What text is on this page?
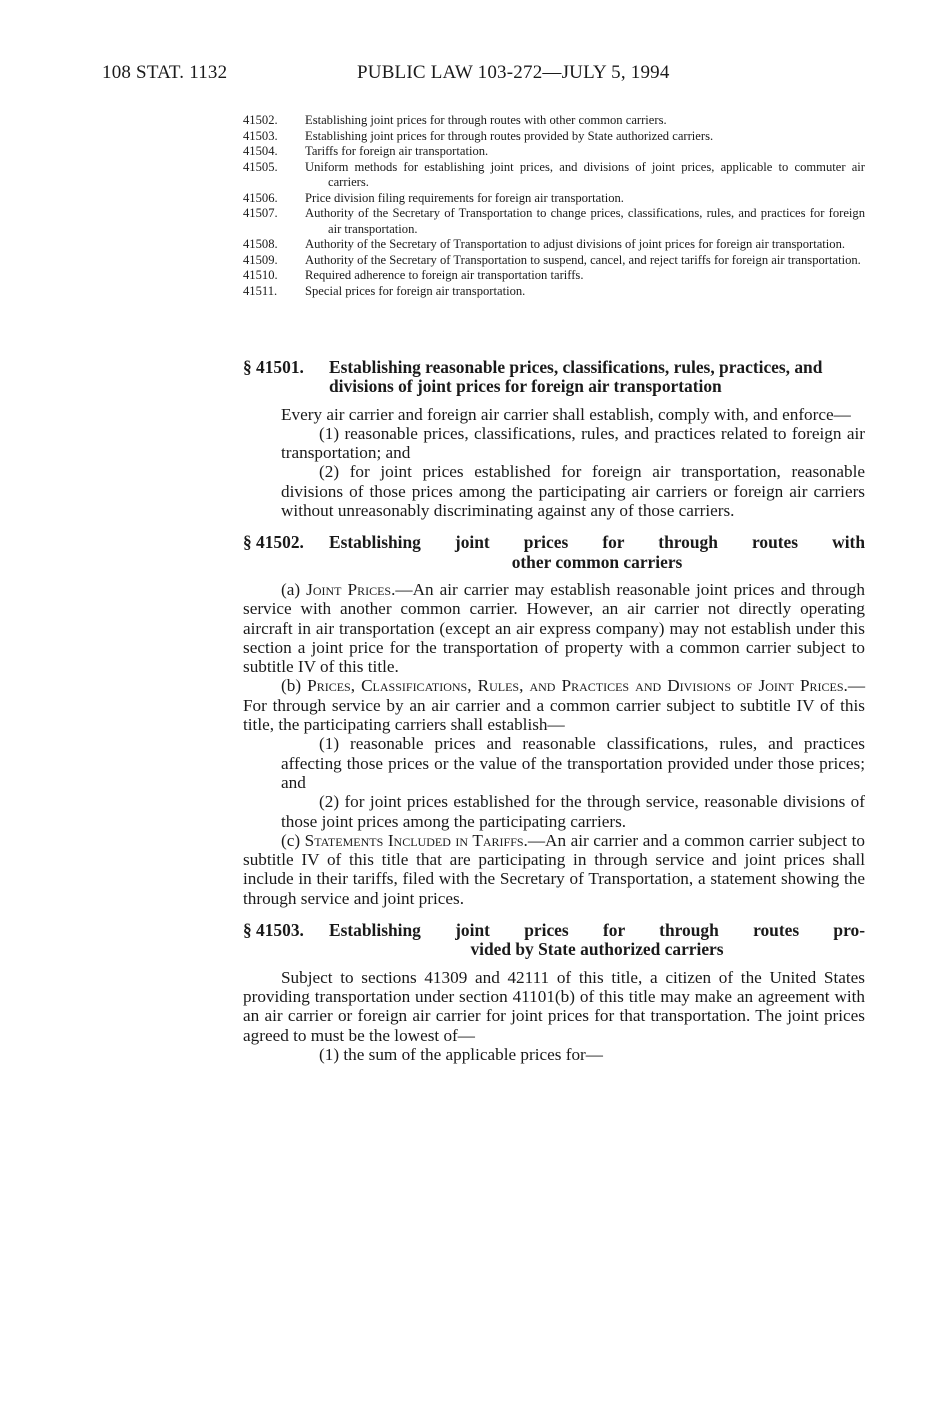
108 STAT. 1132	PUBLIC LAW 103-272—JULY 5, 1994
41502.	Establishing joint prices for through routes with other common carriers.
41503.	Establishing joint prices for through routes provided by State authorized carriers.
41504.	Tariffs for foreign air transportation.
41505.	Uniform methods for establishing joint prices, and divisions of joint prices, applicable to commuter air carriers.
41506.	Price division filing requirements for foreign air transportation.
41507.	Authority of the Secretary of Transportation to change prices, classifications, rules, and practices for foreign air transportation.
41508.	Authority of the Secretary of Transportation to adjust divisions of joint prices for foreign air transportation.
41509.	Authority of the Secretary of Transportation to suspend, cancel, and reject tariffs for foreign air transportation.
41510.	Required adherence to foreign air transportation tariffs.
41511.	Special prices for foreign air transportation.
§ 41501.	Establishing reasonable prices, classifications, rules, practices, and divisions of joint prices for foreign air transportation

Every air carrier and foreign air carrier shall establish, comply with, and enforce—

(1) reasonable prices, classifications, rules, and practices related to foreign air transportation; and

(2) for joint prices established for foreign air transportation, reasonable divisions of those prices among the participating air carriers or foreign air carriers without unreasonably discriminating against any of those carriers.

§ 41502.	Establishing joint prices for through routes with
other common carriers

(a) Joint Prices.—An air carrier may establish reasonable joint prices and through service with another common carrier. However, an air carrier not directly operating aircraft in air transportation (except an air express company) may not establish under this section a joint price for the transportation of property with a common carrier subject to subtitle IV of this title.

(b) Prices, Classifications, Rules, and Practices and Divisions of Joint Prices.—For through service by an air carrier and a common carrier subject to subtitle IV of this title, the participating carriers shall establish—

(1) reasonable prices and reasonable classifications, rules, and practices affecting those prices or the value of the transportation provided under those prices; and

(2) for joint prices established for the through service, reasonable divisions of those joint prices among the participating carriers.

(c) Statements Included in Tariffs.—An air carrier and a common carrier subject to subtitle IV of this title that are participating in through service and joint prices shall include in their tariffs, filed with the Secretary of Transportation, a statement showing the through service and joint prices.

§ 41503.	Establishing joint prices for through routes pro-
vided by State authorized carriers

Subject to sections 41309 and 42111 of this title, a citizen of the United States providing transportation under section 41101(b) of this title may make an agreement with an air carrier or foreign air carrier for joint prices for that transportation. The joint prices agreed to must be the lowest of—

(1) the sum of the applicable prices for—
